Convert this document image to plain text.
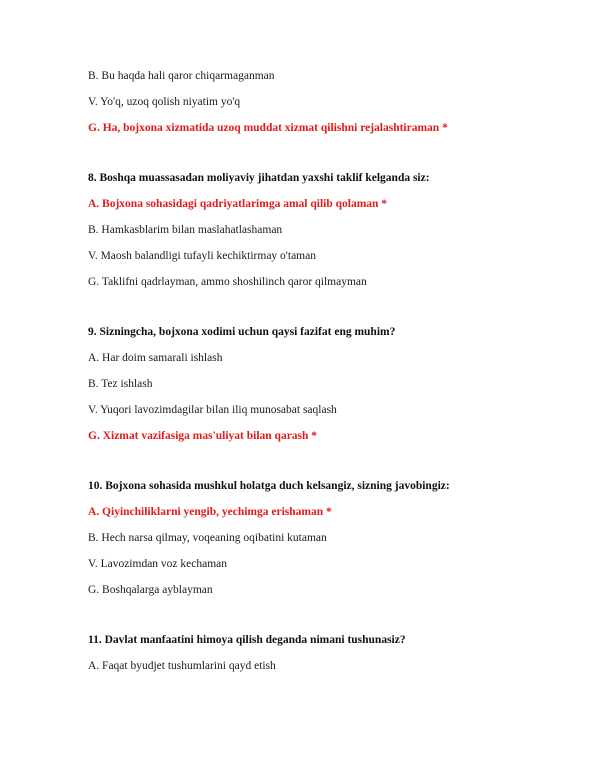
B. Bu haqda hali qaror chiqarmaganman
V. Yo'q, uzoq qolish niyatim yo'q
G. Ha, bojxona xizmatida uzoq muddat xizmat qilishni rejalashtiraman *
8. Boshqa muassasadan moliyaviy jihatdan yaxshi taklif kelganda siz:
A. Bojxona sohasidagi qadriyatlarimga amal qilib qolaman *
B. Hamkasblarim bilan maslahatlashaman
V. Maosh balandligi tufayli kechiktirmay o'taman
G. Taklifni qadrlayman, ammo shoshilinch qaror qilmayman
9. Sizningcha, bojxona xodimi uchun qaysi fazifat eng muhim?
A. Har doim samarali ishlash
B. Tez ishlash
V. Yuqori lavozimdagilar bilan iliq munosabat saqlash
G. Xizmat vazifasiga mas'uliyat bilan qarash *
10. Bojxona sohasida mushkul holatga duch kelsangiz, sizning javobingiz:
A. Qiyinchiliklarni yengib, yechimga erishaman *
B. Hech narsa qilmay, voqeaning oqibatini kutaman
V. Lavozimdan voz kechaman
G. Boshqalarga ayblayman
11. Davlat manfaatini himoya qilish deganda nimani tushunasiz?
A. Faqat byudjet tushumlarini qayd etish
